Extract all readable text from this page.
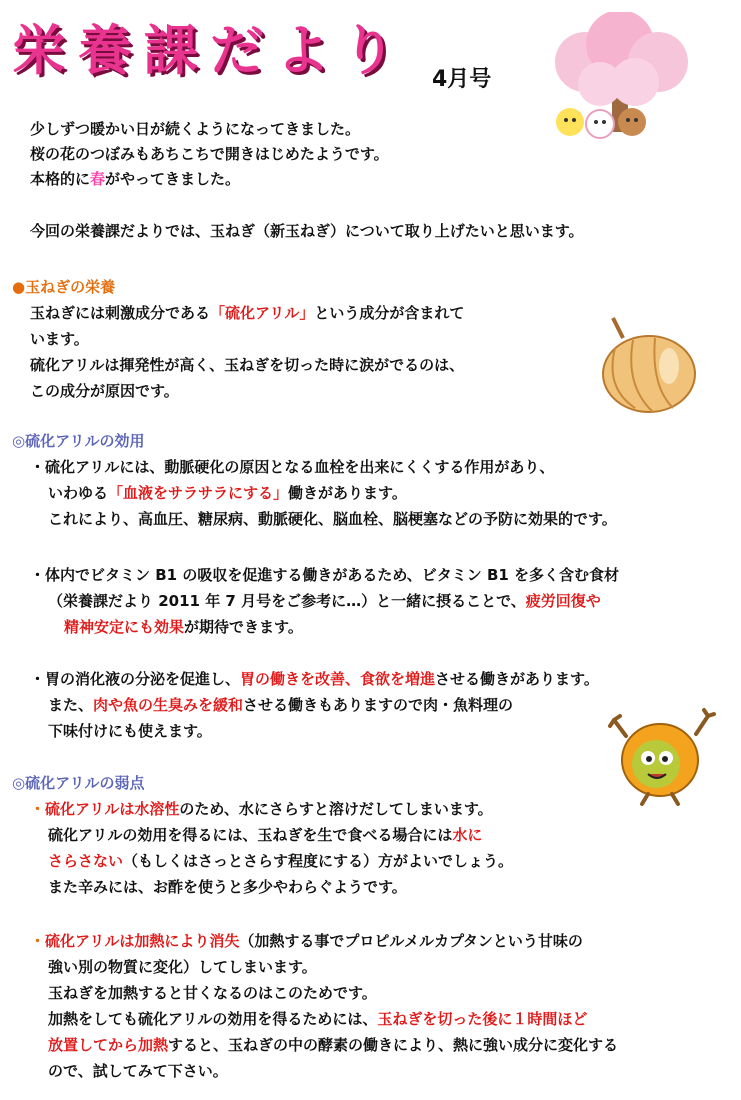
栄養課だより 4月号
少しずつ暖かい日が続くようになってきました。
桜の花のつぼみもあちこちで開きはじめたようです。
本格的に春がやってきました。
今回の栄養課だよりでは、玉ねぎ（新玉ねぎ）について取り上げたいと思います。
●玉ねぎの栄養
玉ねぎには刺激成分である「硫化アリル」という成分が含まれて
います。
硫化アリルは揮発性が高く、玉ねぎを切った時に涙がでるのは、
この成分が原因です。
◎硫化アリルの効用
・硫化アリルには、動脈硬化の原因となる血栓を出来にくくする作用があり、
いわゆる「血液をサラサラにする」働きがあります。
これにより、高血圧、糖尿病、動脈硬化、脳血栓、脳梗塞などの予防に効果的です。
・体内でビタミン B1 の吸収を促進する働きがあるため、ビタミン B1 を多く含む食材
（栄養課だより 2011 年 7 月号をご参考に…）と一緒に摂ることで、疲労回復や
精神安定にも効果が期待できます。
・胃の消化液の分泌を促進し、胃の働きを改善、食欲を増進させる働きがあります。
また、肉や魚の生臭みを緩和させる働きもありますので肉・魚料理の
下味付けにも使えます。
◎硫化アリルの弱点
・硫化アリルは水溶性のため、水にさらすと溶けだしてしまいます。
硫化アリルの効用を得るには、玉ねぎを生で食べる場合には水に
さらさない（もしくはさっとさらす程度にする）方がよいでしょう。
また辛みには、お酢を使うと多少やわらぐようです。
・硫化アリルは加熱により消失（加熱する事でプロピルメルカプタンという甘味の
強い別の物質に変化）してしまいます。
玉ねぎを加熱すると甘くなるのはこのためです。
加熱をしても硫化アリルの効用を得るためには、玉ねぎを切った後に１時間ほど
放置してから加熱すると、玉ねぎの中の酵素の働きにより、熱に強い成分に変化する
ので、試してみて下さい。
